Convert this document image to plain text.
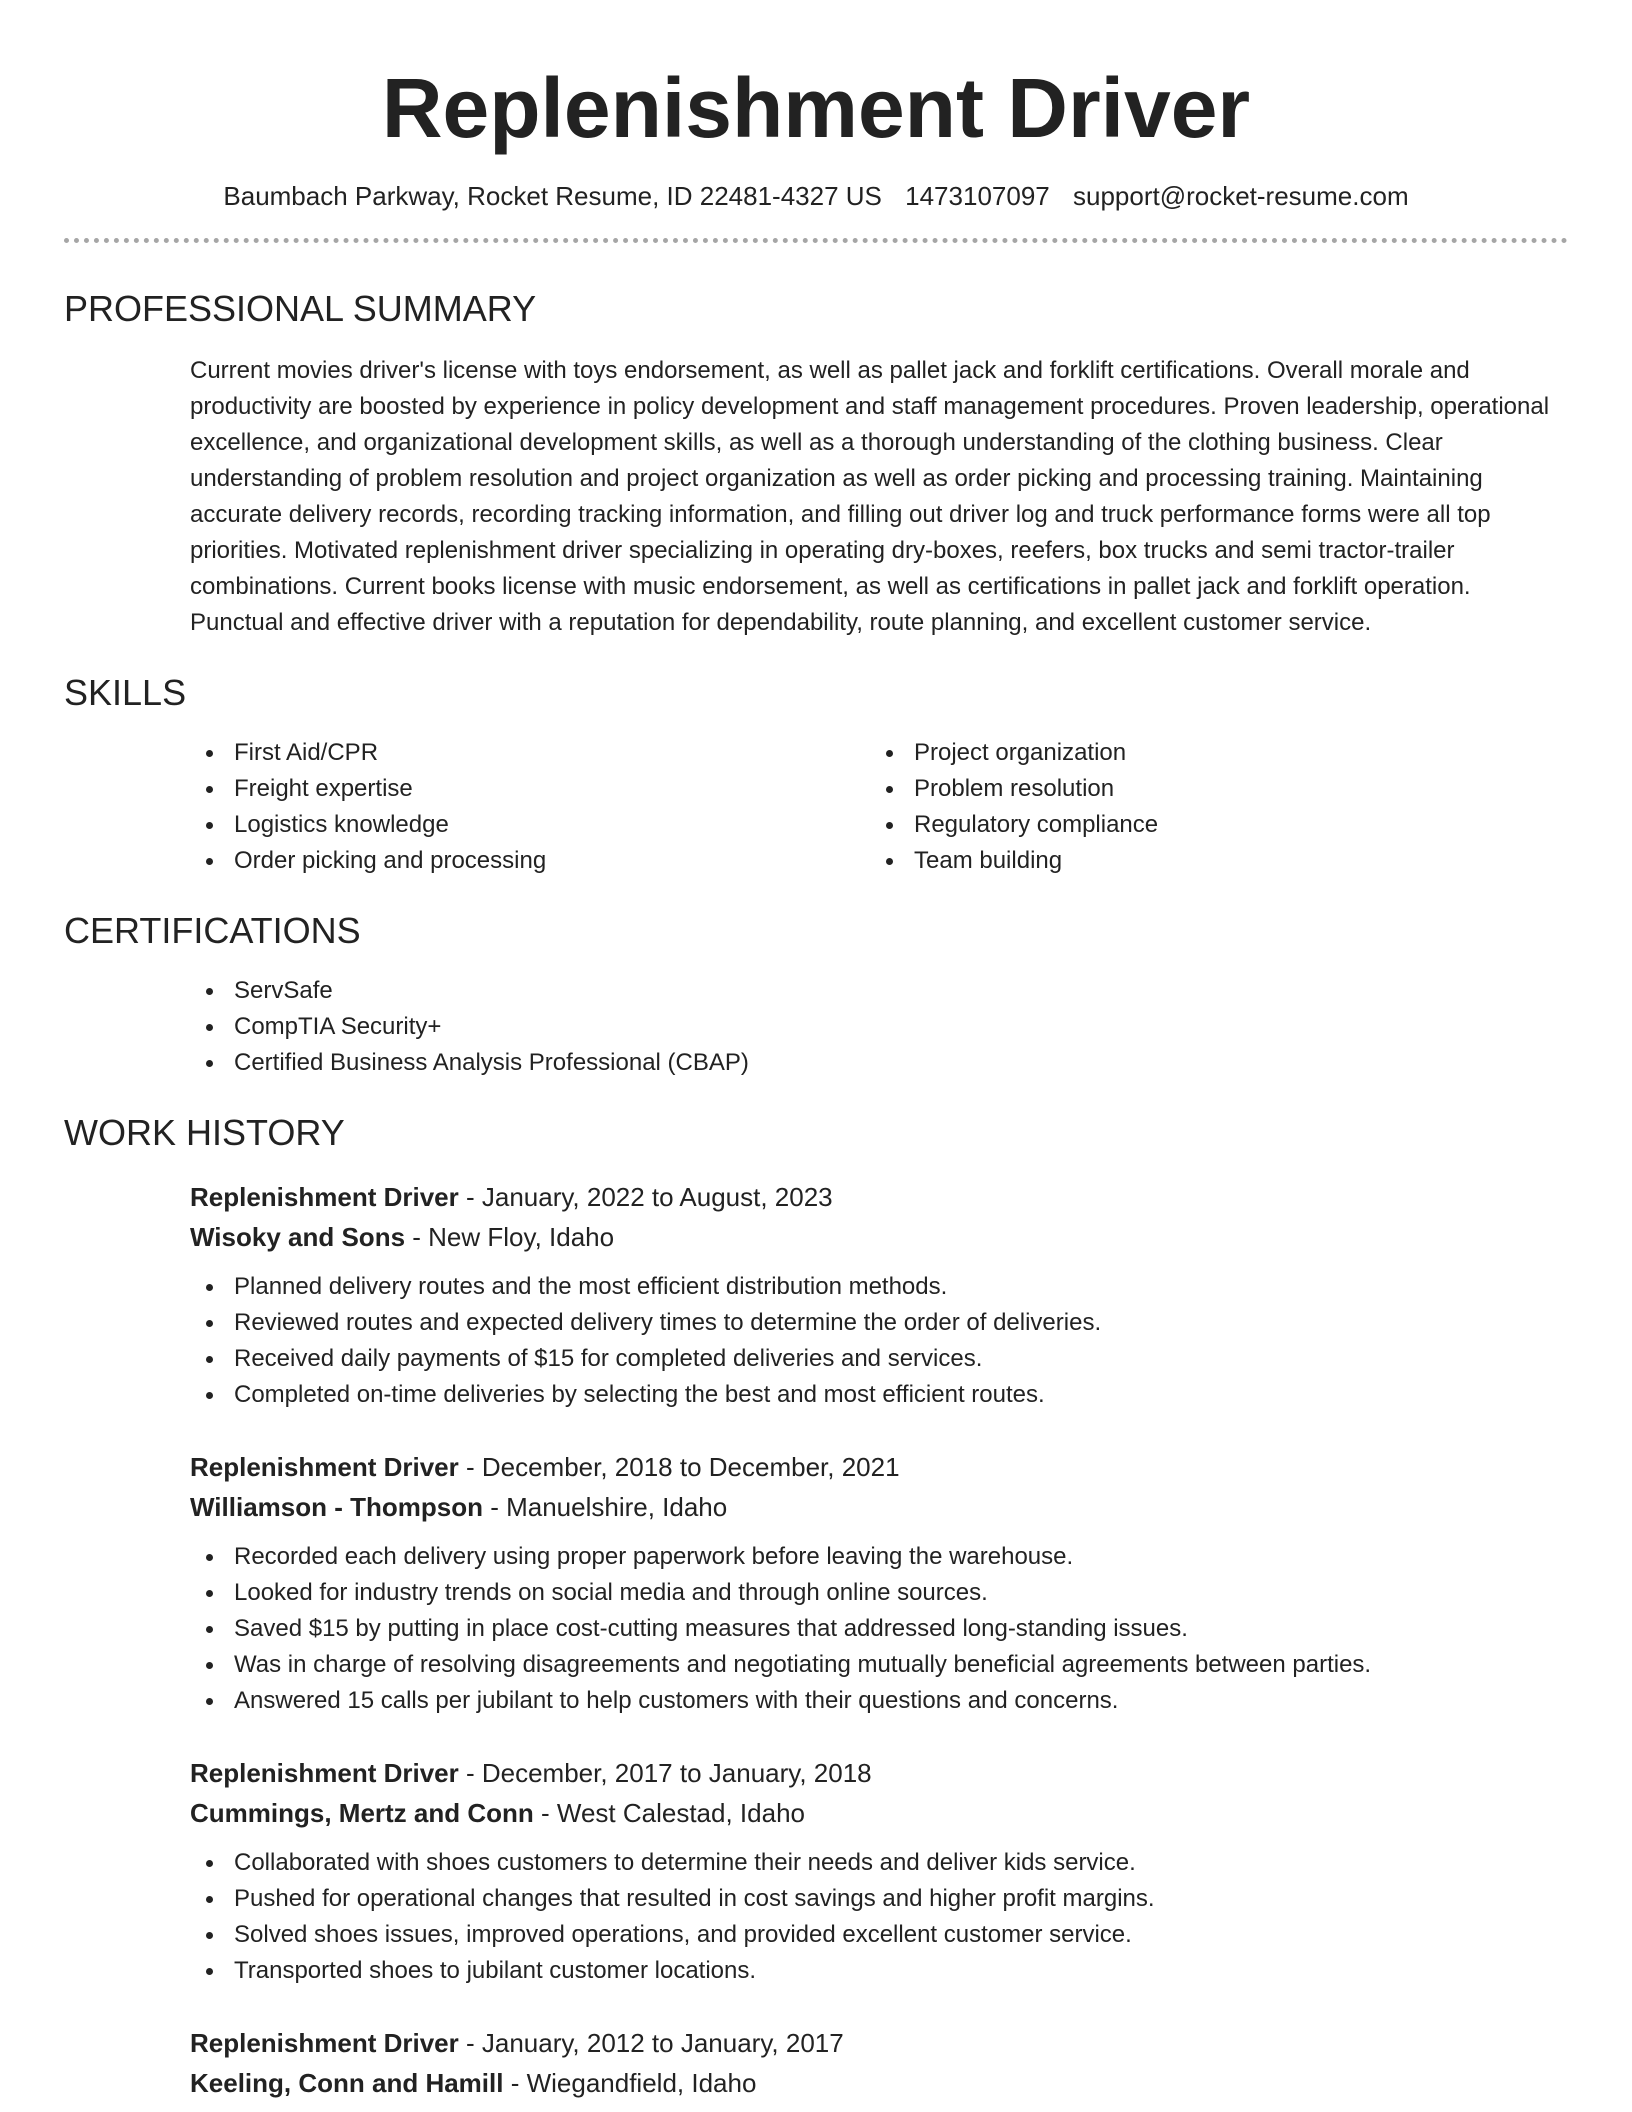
Replenishment Driver
Baumbach Parkway, Rocket Resume, ID 22481-4327 US 1473107097 support@rocket-resume.com
PROFESSIONAL SUMMARY

Current movies driver's license with toys endorsement, as well as pallet jack and forklift certifications. Overall morale and productivity are boosted by experience in policy development and staff management procedures. Proven leadership, operational excellence, and organizational development skills, as well as a thorough understanding of the clothing business. Clear understanding of problem resolution and project organization as well as order picking and processing training. Maintaining accurate delivery records, recording tracking information, and filling out driver log and truck performance forms were all top priorities. Motivated replenishment driver specializing in operating dry-boxes, reefers, box trucks and semi tractor-trailer combinations. Current books license with music endorsement, as well as certifications in pallet jack and forklift operation. Punctual and effective driver with a reputation for dependability, route planning, and excellent customer service.

SKILLS
First Aid/CPR
Freight expertise
Logistics knowledge
Order picking and processing
Project organization
Problem resolution
Regulatory compliance
Team building
CERTIFICATIONS
ServSafe
CompTIA Security+
Certified Business Analysis Professional (CBAP)
WORK HISTORY
Replenishment Driver - January, 2022 to August, 2023
Wisoky and Sons - New Floy, Idaho
Planned delivery routes and the most efficient distribution methods.
Reviewed routes and expected delivery times to determine the order of deliveries.
Received daily payments of $15 for completed deliveries and services.
Completed on-time deliveries by selecting the best and most efficient routes.
Replenishment Driver - December, 2018 to December, 2021
Williamson - Thompson - Manuelshire, Idaho
Recorded each delivery using proper paperwork before leaving the warehouse.
Looked for industry trends on social media and through online sources.
Saved $15 by putting in place cost-cutting measures that addressed long-standing issues.
Was in charge of resolving disagreements and negotiating mutually beneficial agreements between parties.
Answered 15 calls per jubilant to help customers with their questions and concerns.
Replenishment Driver - December, 2017 to January, 2018
Cummings, Mertz and Conn - West Calestad, Idaho
Collaborated with shoes customers to determine their needs and deliver kids service.
Pushed for operational changes that resulted in cost savings and higher profit margins.
Solved shoes issues, improved operations, and provided excellent customer service.
Transported shoes to jubilant customer locations.
Replenishment Driver - January, 2012 to January, 2017
Keeling, Conn and Hamill - Wiegandfield, Idaho
